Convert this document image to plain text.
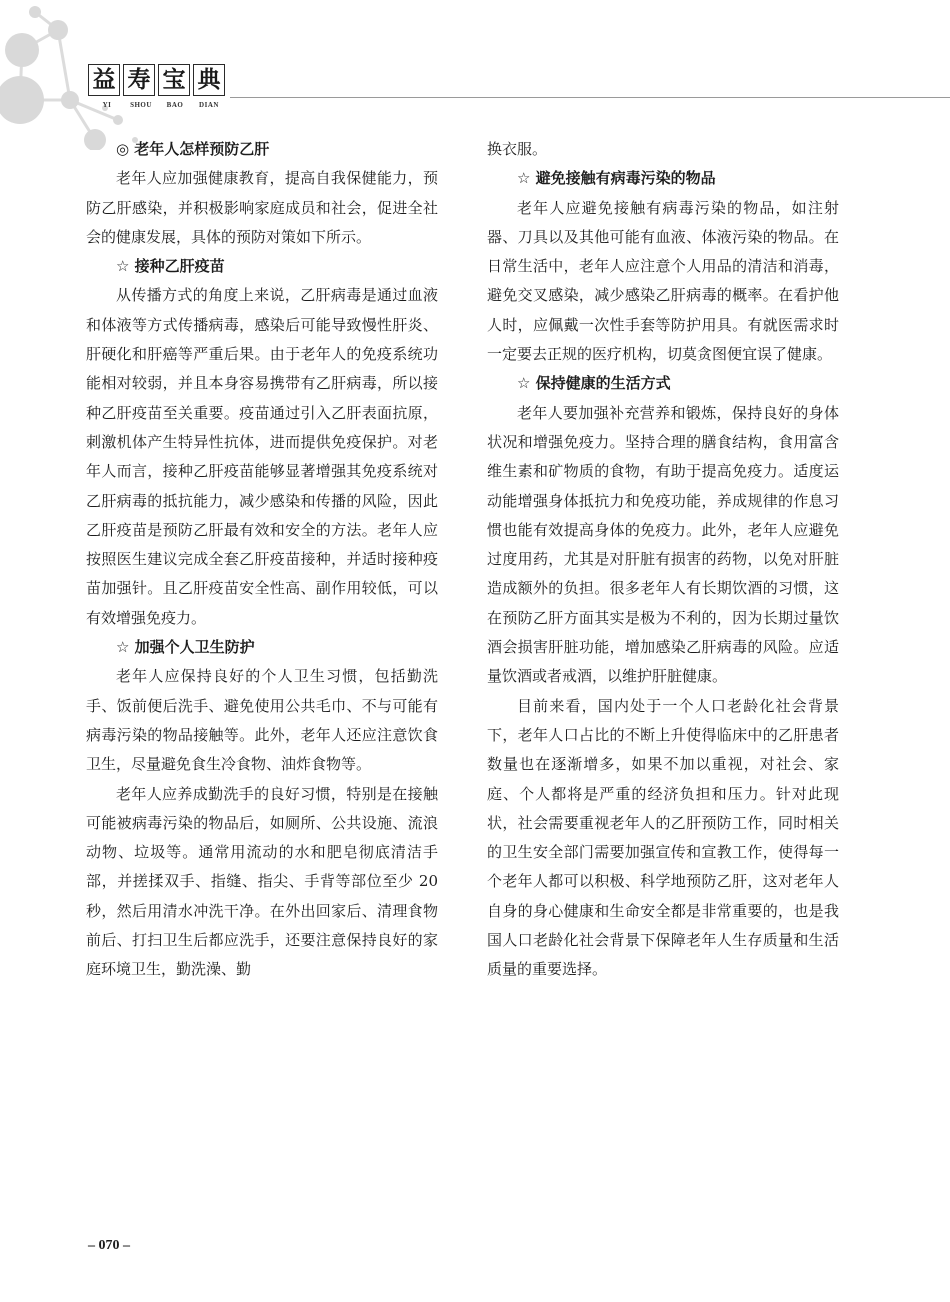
益 寿 宝 典
YI	SHOU	BAO	DIAN
◎ 老年人怎样预防乙肝

老年人应加强健康教育，提高自我保健能力，预防乙肝感染，并积极影响家庭成员和社会，促进全社会的健康发展，具体的预防对策如下所示。

☆ 接种乙肝疫苗

从传播方式的角度上来说，乙肝病毒是通过血液和体液等方式传播病毒，感染后可能导致慢性肝炎、肝硬化和肝癌等严重后果。由于老年人的免疫系统功能相对较弱，并且本身容易携带有乙肝病毒，所以接种乙肝疫苗至关重要。疫苗通过引入乙肝表面抗原，刺激机体产生特异性抗体，进而提供免疫保护。对老年人而言，接种乙肝疫苗能够显著增强其免疫系统对乙肝病毒的抵抗能力，减少感染和传播的风险，因此乙肝疫苗是预防乙肝最有效和安全的方法。老年人应按照医生建议完成全套乙肝疫苗接种，并适时接种疫苗加强针。且乙肝疫苗安全性高、副作用较低，可以有效增强免疫力。

☆ 加强个人卫生防护

老年人应保持良好的个人卫生习惯，包括勤洗手、饭前便后洗手、避免使用公共毛巾、不与可能有病毒污染的物品接触等。此外，老年人还应注意饮食卫生，尽量避免食生冷食物、油炸食物等。

老年人应养成勤洗手的良好习惯，特别是在接触可能被病毒污染的物品后，如厕所、公共设施、流浪动物、垃圾等。通常用流动的水和肥皂彻底清洁手部，并搓揉双手、指缝、指尖、手背等部位至少 20 秒，然后用清水冲洗干净。在外出回家后、清理食物前后、打扫卫生后都应洗手，还要注意保持良好的家庭环境卫生，勤洗澡、勤

换衣服。

☆ 避免接触有病毒污染的物品

老年人应避免接触有病毒污染的物品，如注射器、刀具以及其他可能有血液、体液污染的物品。在日常生活中，老年人应注意个人用品的清洁和消毒，避免交叉感染，减少感染乙肝病毒的概率。在看护他人时，应佩戴一次性手套等防护用具。有就医需求时一定要去正规的医疗机构，切莫贪图便宜误了健康。

☆ 保持健康的生活方式

老年人要加强补充营养和锻炼，保持良好的身体状况和增强免疫力。坚持合理的膳食结构，食用富含维生素和矿物质的食物，有助于提高免疫力。适度运动能增强身体抵抗力和免疫功能，养成规律的作息习惯也能有效提高身体的免疫力。此外，老年人应避免过度用药，尤其是对肝脏有损害的药物，以免对肝脏造成额外的负担。很多老年人有长期饮酒的习惯，这在预防乙肝方面其实是极为不利的，因为长期过量饮酒会损害肝脏功能，增加感染乙肝病毒的风险。应适量饮酒或者戒酒，以维护肝脏健康。

目前来看，国内处于一个人口老龄化社会背景下，老年人口占比的不断上升使得临床中的乙肝患者数量也在逐渐增多，如果不加以重视，对社会、家庭、个人都将是严重的经济负担和压力。针对此现状，社会需要重视老年人的乙肝预防工作，同时相关的卫生安全部门需要加强宣传和宣教工作，使得每一个老年人都可以积极、科学地预防乙肝，这对老年人自身的身心健康和生命安全都是非常重要的，也是我国人口老龄化社会背景下保障老年人生存质量和生活质量的重要选择。

– 070 –
